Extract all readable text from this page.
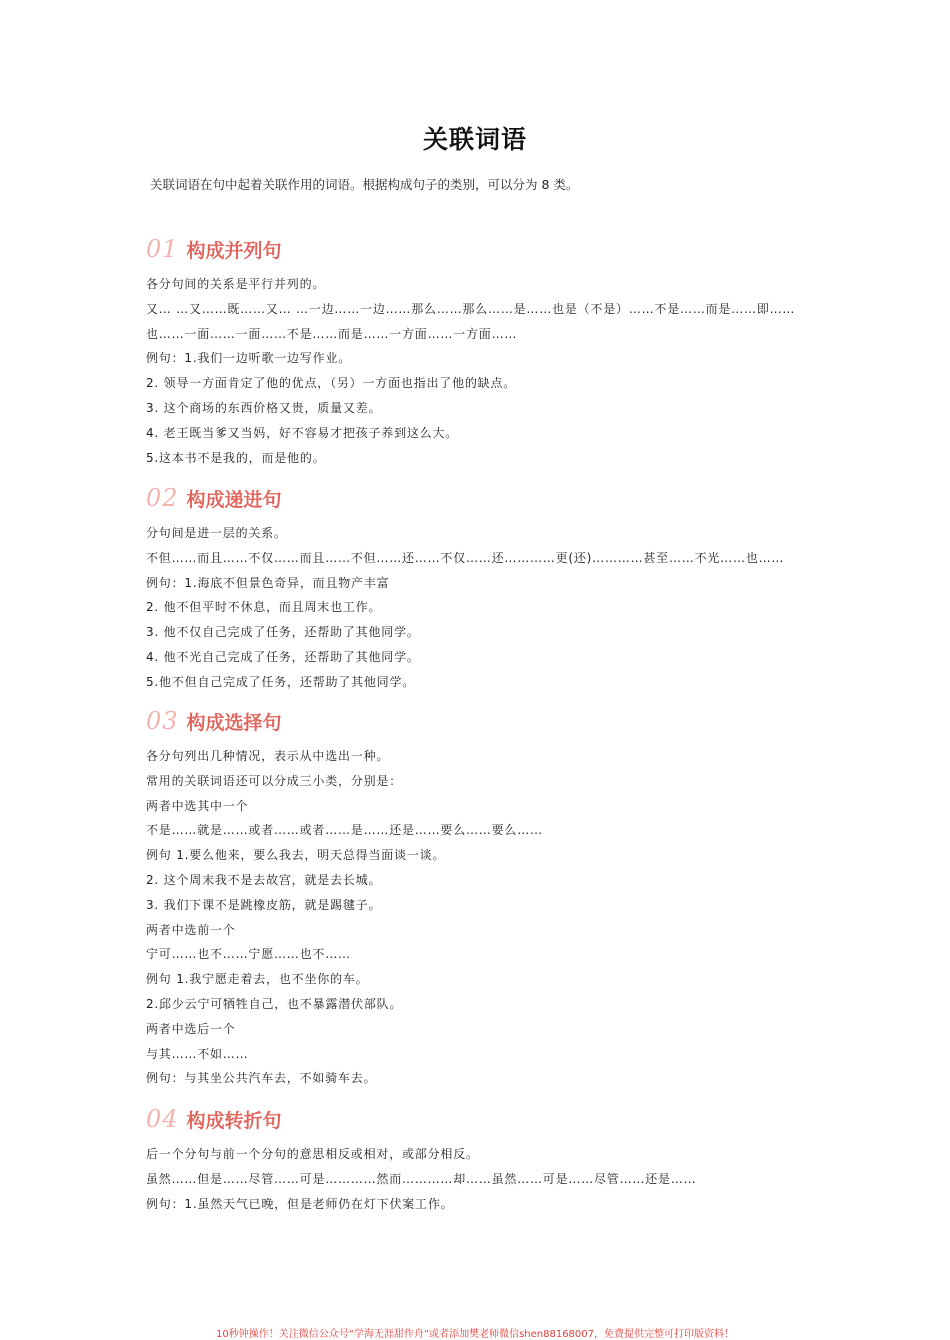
关联词语

关联词语在句中起着关联作用的词语。根据构成句子的类别，可以分为 8 类。

01 构成并列句
各分句间的关系是平行并列的。
又… …又……既……又… …一边……一边……那么……那么……是……也是（不是）……不是……而是……即……
也……一面……一面……不是……而是……一方面……一方面……
例句：1.我们一边听歌一边写作业。
2. 领导一方面肯定了他的优点，（另）一方面也指出了他的缺点。
3. 这个商场的东西价格又贵，质量又差。
4. 老王既当爹又当妈，好不容易才把孩子养到这么大。
5.这本书不是我的，而是他的。
02 构成递进句
分句间是进一层的关系。
不但……而且……不仅……而且……不但……还……不仅……还…………更(还)…………甚至……不光……也……
例句：1.海底不但景色奇异，而且物产丰富
2. 他不但平时不休息，而且周末也工作。
3. 他不仅自己完成了任务，还帮助了其他同学。
4. 他不光自己完成了任务，还帮助了其他同学。
5.他不但自己完成了任务，还帮助了其他同学。
03 构成选择句
各分句列出几种情况，表示从中选出一种。
常用的关联词语还可以分成三小类，分别是：
两者中选其中一个
不是……就是……或者……或者……是……还是……要么……要么……
例句 1.要么他来，要么我去，明天总得当面谈一谈。
2. 这个周末我不是去故宫，就是去长城。
3. 我们下课不是跳橡皮筋，就是踢毽子。
两者中选前一个
宁可……也不……宁愿……也不……
例句 1.我宁愿走着去，也不坐你的车。
2.邱少云宁可牺牲自己，也不暴露潜伏部队。
两者中选后一个
与其……不如……
例句：与其坐公共汽车去，不如骑车去。
04 构成转折句
后一个分句与前一个分句的意思相反或相对，或部分相反。
虽然……但是……尽管……可是…………然而…………却……虽然……可是……尽管……还是……
例句：1.虽然天气已晚，但是老师仍在灯下伏案工作。

10秒钟操作！关注微信公众号“学海无涯甜作舟”或者添加樊老师微信shen88168007，免费提供完整可打印版资料！
